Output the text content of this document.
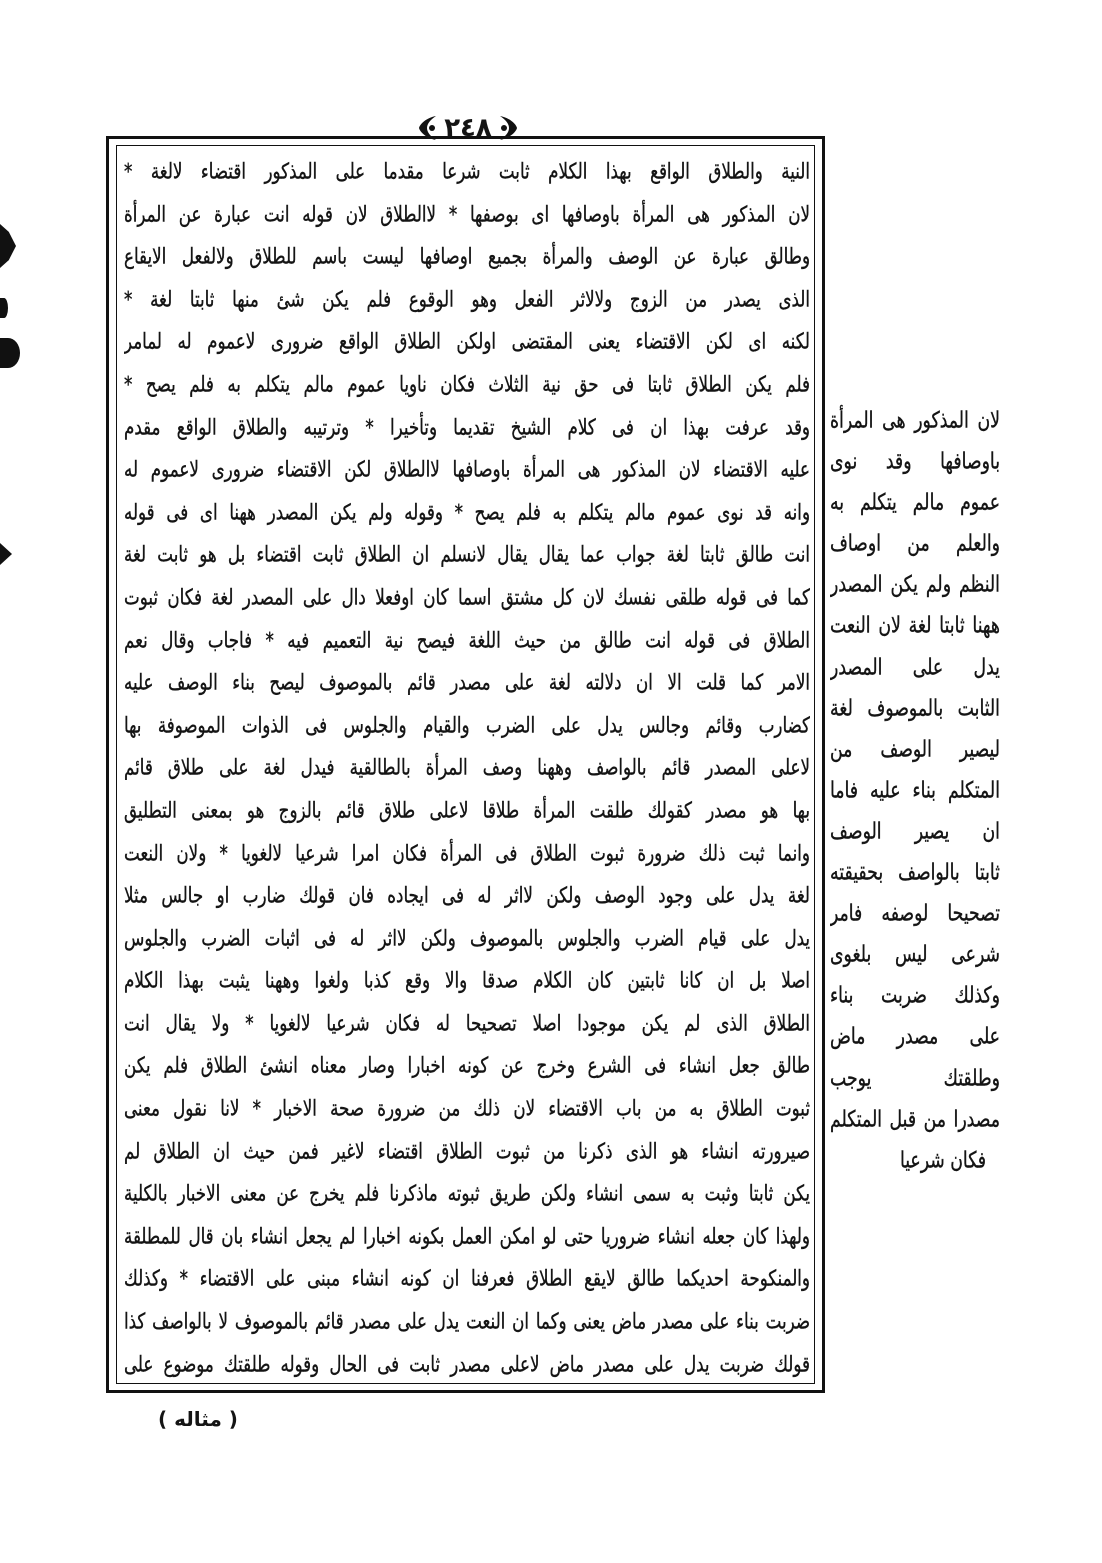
٢٤٨
النية والطلاق الواقع بهذا الكلام ثابت شرعا مقدما على المذكور اقتضاء لالغة *
لان المذكور هى المرأة باوصافها اى بوصفها * لاالطلاق لان قوله انت عبارة عن المرأة
وطالق عبارة عن الوصف والمرأة بجميع اوصافها ليست باسم للطلاق ولالفعل الايقاع
الذى يصدر من الزوج ولالاثر الفعل وهو الوقوع فلم يكن شئ منها ثابتا لغة *
لكنه اى لكن الاقتضاء يعنى المقتضى اولكن الطلاق الواقع ضرورى لاعموم له لمامر
فلم يكن الطلاق ثابتا فى حق نية الثلاث فكان ناويا عموم مالم يتكلم به فلم يصح *
وقد عرفت بهذا ان فى كلام الشيخ تقديما وتأخيرا * وترتيبه والطلاق الواقع مقدم
عليه الاقتضاء لان المذكور هى المرأة باوصافها لاالطلاق لكن الاقتضاء ضرورى لاعموم له
وانه قد نوى عموم مالم يتكلم به فلم يصح * وقوله ولم يكن المصدر ههنا اى فى قوله
انت طالق ثابتا لغة جواب عما يقال يقال لانسلم ان الطلاق ثابت اقتضاء بل هو ثابت لغة
كما فى قوله طلقى نفسك لان كل مشتق اسما كان اوفعلا دال على المصدر لغة فكان ثبوت
الطلاق فى قوله انت طالق من حيث اللغة فيصح نية التعميم فيه * فاجاب وقال نعم
الامر كما قلت الا ان دلالته لغة على مصدر قائم بالموصوف ليصح بناء الوصف عليه
كضارب وقائم وجالس يدل على الضرب والقيام والجلوس فى الذوات الموصوفة بها
لاعلى المصدر قائم بالواصف وههنا وصف المرأة بالطالقية فيدل لغة على طلاق قائم
بها هو مصدر كقولك طلقت المرأة طلاقا لاعلى طلاق قائم بالزوج هو بمعنى التطليق
وانما ثبت ذلك ضرورة ثبوت الطلاق فى المرأة فكان امرا شرعيا لالغويا * ولان النعت
لغة يدل على وجود الوصف ولكن لااثر له فى ايجاده فان قولك ضارب او جالس مثلا
يدل على قيام الضرب والجلوس بالموصوف ولكن لااثر له فى اثبات الضرب والجلوس
اصلا بل ان كانا ثابتين كان الكلام صدقا والا وقع كذبا ولغوا وههنا يثبت بهذا الكلام
الطلاق الذى لم يكن موجودا اصلا تصحيحا له فكان شرعيا لالغويا * ولا يقال انت
طالق جعل انشاء فى الشرع وخرج عن كونه اخبارا وصار معناه انشئ الطلاق فلم يكن
ثبوت الطلاق به من باب الاقتضاء لان ذلك من ضرورة صحة الاخبار * لانا نقول معنى
صيرورته انشاء هو الذى ذكرنا من ثبوت الطلاق اقتضاء لاغير فمن حيث ان الطلاق لم
يكن ثابتا وثبت به سمى انشاء ولكن طريق ثبوته ماذكرنا فلم يخرج عن معنى الاخبار بالكلية
ولهذا كان جعله انشاء ضروريا حتى لو امكن العمل بكونه اخبارا لم يجعل انشاء بان قال للمطلقة
والمنكوحة احديكما طالق لايقع الطلاق فعرفنا ان كونه انشاء مبنى على الاقتضاء * وكذلك
ضربت بناء على مصدر ماض يعنى وكما ان النعت يدل على مصدر قائم بالموصوف لا بالواصف كذا
قولك ضربت يدل على مصدر ماض لاعلى مصدر ثابت فى الحال وقوله طلقتك موضوع على
لان المذكور هى المرأة
باوصافها وقد نوى
عموم مالم يتكلم به
والعلم من اوصاف
النظم ولم يكن المصدر
ههنا ثابتا لغة لان النعت
يدل على المصدر
الثابت بالموصوف لغة
ليصير الوصف من
المتكلم بناء عليه فاما
ان يصير الوصف
ثابتا بالواصف بحقيقته
تصحيحا لوصفه فامر
شرعى ليس بلغوى
وكذلك ضربت بناء
على مصدر ماض
وطلقتك يوجب
مصدرا من قبل المتكلم
فكان شرعيا
( مثاله )
